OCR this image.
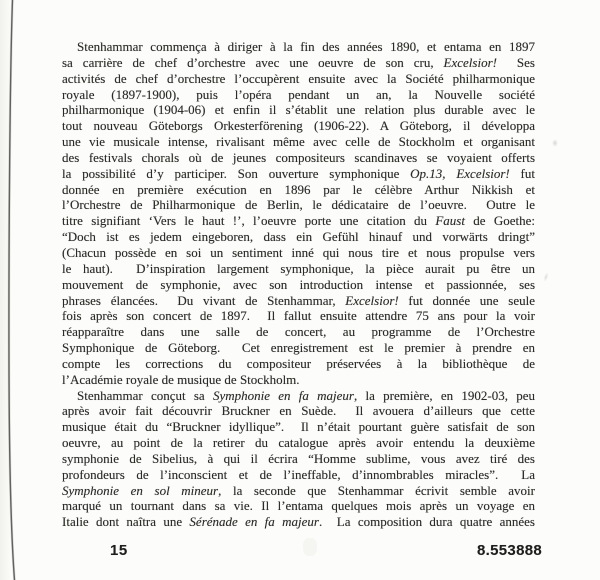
Stenhammar commença à diriger à la fin des années 1890, et entama en 1897
sa carrière de chef d’orchestre avec une oeuvre de son cru, Excelsior!  Ses
activités de chef d’orchestre l’occupèrent ensuite avec la Société philharmonique
royale (1897-1900), puis l’opéra pendant un an, la Nouvelle société
philharmonique (1904-06) et enfin il s’établit une relation plus durable avec le
tout nouveau Göteborgs Orkesterförening (1906-22). A Göteborg, il développa
une vie musicale intense, rivalisant même avec celle de Stockholm et organisant
des festivals chorals où de jeunes compositeurs scandinaves se voyaient offerts
la possibilité d’y participer. Son ouverture symphonique Op.13, Excelsior! fut
donnée en première exécution en 1896 par le célèbre Arthur Nikkish et
l’Orchestre de Philharmonique de Berlin, le dédicataire de l’oeuvre.  Outre le
titre signifiant ‘Vers le haut !’, l’oeuvre porte une citation du Faust de Goethe:
“Doch ist es jedem eingeboren, dass ein Gefühl hinauf und vorwärts dringt”
(Chacun possède en soi un sentiment inné qui nous tire et nous propulse vers
le haut).  D’inspiration largement symphonique, la pièce aurait pu être un
mouvement de symphonie, avec son introduction intense et passionnée, ses
phrases élancées.  Du vivant de Stenhammar, Excelsior! fut donnée une seule
fois après son concert de 1897.  Il fallut ensuite attendre 75 ans pour la voir
réapparaître dans une salle de concert, au programme de l’Orchestre
Symphonique de Göteborg.  Cet enregistrement est le premier à prendre en
compte les corrections du compositeur préservées à la bibliothèque de
l’Académie royale de musique de Stockholm.
Stenhammar conçut sa Symphonie en fa majeur, la première, en 1902-03, peu
après avoir fait découvrir Bruckner en Suède.  Il avouera d’ailleurs que cette
musique était du “Bruckner idyllique”.  Il n’était pourtant guère satisfait de son
oeuvre, au point de la retirer du catalogue après avoir entendu la deuxième
symphonie de Sibelius, à qui il écrira “Homme sublime, vous avez tiré des
profondeurs de l’inconscient et de l’ineffable, d’innombrables miracles”.  La
Symphonie en sol mineur, la seconde que Stenhammar écrivit semble avoir
marqué un tournant dans sa vie. Il l’entama quelques mois après un voyage en
Italie dont naîtra une Sérénade en fa majeur.  La composition dura quatre années
15	8.553888
